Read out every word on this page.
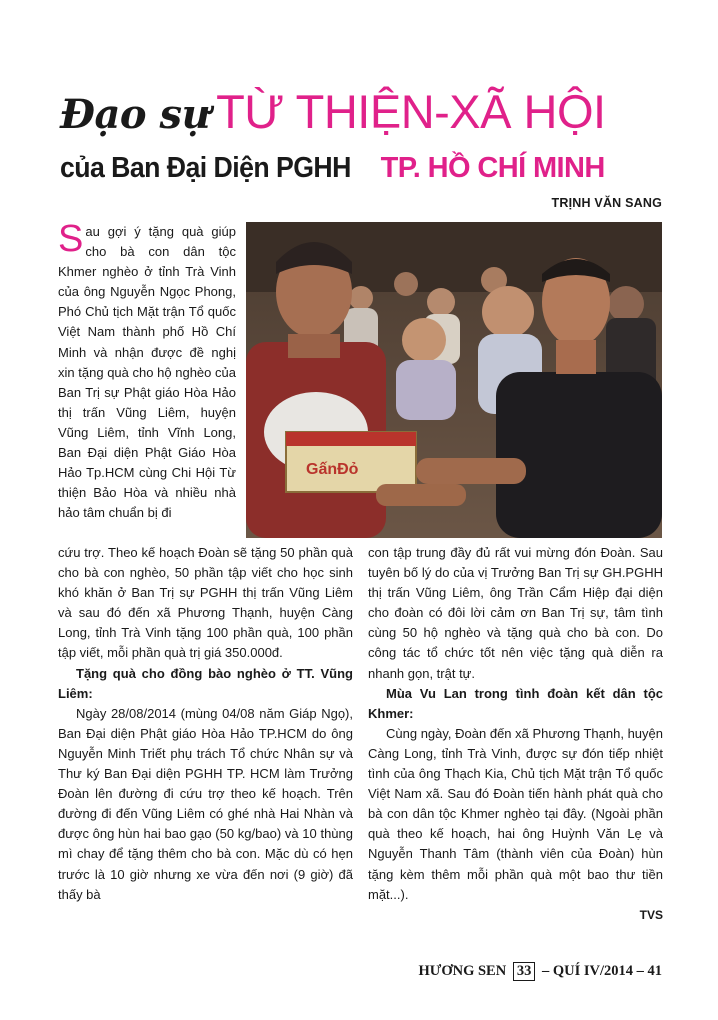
Đạo sự TỪ THIỆN-XÃ HỘI
của Ban Đại Diện PGHH TP. HỒ CHÍ MINH
TRỊNH VĂN SANG
GấnĐỏ
Sau gợi ý tặng quà giúp cho bà con dân tộc Khmer nghèo ở tỉnh Trà Vinh của ông Nguyễn Ngọc Phong, Phó Chủ tịch Mặt trận Tổ quốc Việt Nam thành phố Hồ Chí Minh và nhận được đề nghị xin tặng quà cho hộ nghèo của Ban Trị sự Phật giáo Hòa Hảo thị trấn Vũng Liêm, huyện Vũng Liêm, tỉnh Vĩnh Long, Ban Đại diện Phật Giáo Hòa Hảo Tp.HCM cùng Chi Hội Từ thiện Bảo Hòa và nhiều nhà hảo tâm chuẩn bị đi

cứu trợ. Theo kế hoạch Đoàn sẽ tặng 50 phần quà cho bà con nghèo, 50 phần tập viết cho học sinh khó khăn ở Ban Trị sự PGHH thị trấn Vũng Liêm và sau đó đến xã Phương Thạnh, huyện Càng Long, tỉnh Trà Vinh tặng 100 phần quà, 100 phần tập viết, mỗi phần quà trị giá 350.000đ.

Tặng quà cho đồng bào nghèo ở TT. Vũng Liêm:

Ngày 28/08/2014 (mùng 04/08 năm Giáp Ngọ), Ban Đại diện Phật giáo Hòa Hảo TP.HCM do ông Nguyễn Minh Triết phụ trách Tổ chức Nhân sự và Thư ký Ban Đại diện PGHH TP. HCM làm Trưởng Đoàn lên đường đi cứu trợ theo kế hoạch. Trên đường đi đến Vũng Liêm có ghé nhà Hai Nhàn và được ông hùn hai bao gạo (50 kg/bao) và 10 thùng mì chay để tặng thêm cho bà con. Mặc dù có hẹn trước là 10 giờ nhưng xe vừa đến nơi (9 giờ) đã thấy bà

con tập trung đầy đủ rất vui mừng đón Đoàn. Sau tuyên bố lý do của vị Trưởng Ban Trị sự GH.PGHH thị trấn Vũng Liêm, ông Trần Cẩm Hiệp đại diện cho đoàn có đôi lời cảm ơn Ban Trị sự, tâm tình cùng 50 hộ nghèo và tặng quà cho bà con. Do công tác tổ chức tốt nên việc tặng quà diễn ra nhanh gọn, trật tự.

Mùa Vu Lan trong tình đoàn kết dân tộc Khmer:

Cùng ngày, Đoàn đến xã Phương Thạnh, huyện Càng Long, tỉnh Trà Vinh, được sự đón tiếp nhiệt tình của ông Thạch Kia, Chủ tịch Mặt trận Tổ quốc Việt Nam xã. Sau đó Đoàn tiến hành phát quà cho bà con dân tộc Khmer nghèo tại đây. (Ngoài phần quà theo kế hoạch, hai ông Huỳnh Văn Lẹ và Nguyễn Thanh Tâm (thành viên của Đoàn) hùn tặng kèm thêm mỗi phần quà một bao thư tiền mặt...).

TVS
HƯƠNG SEN 33 – QUÍ IV/2014 – 41
